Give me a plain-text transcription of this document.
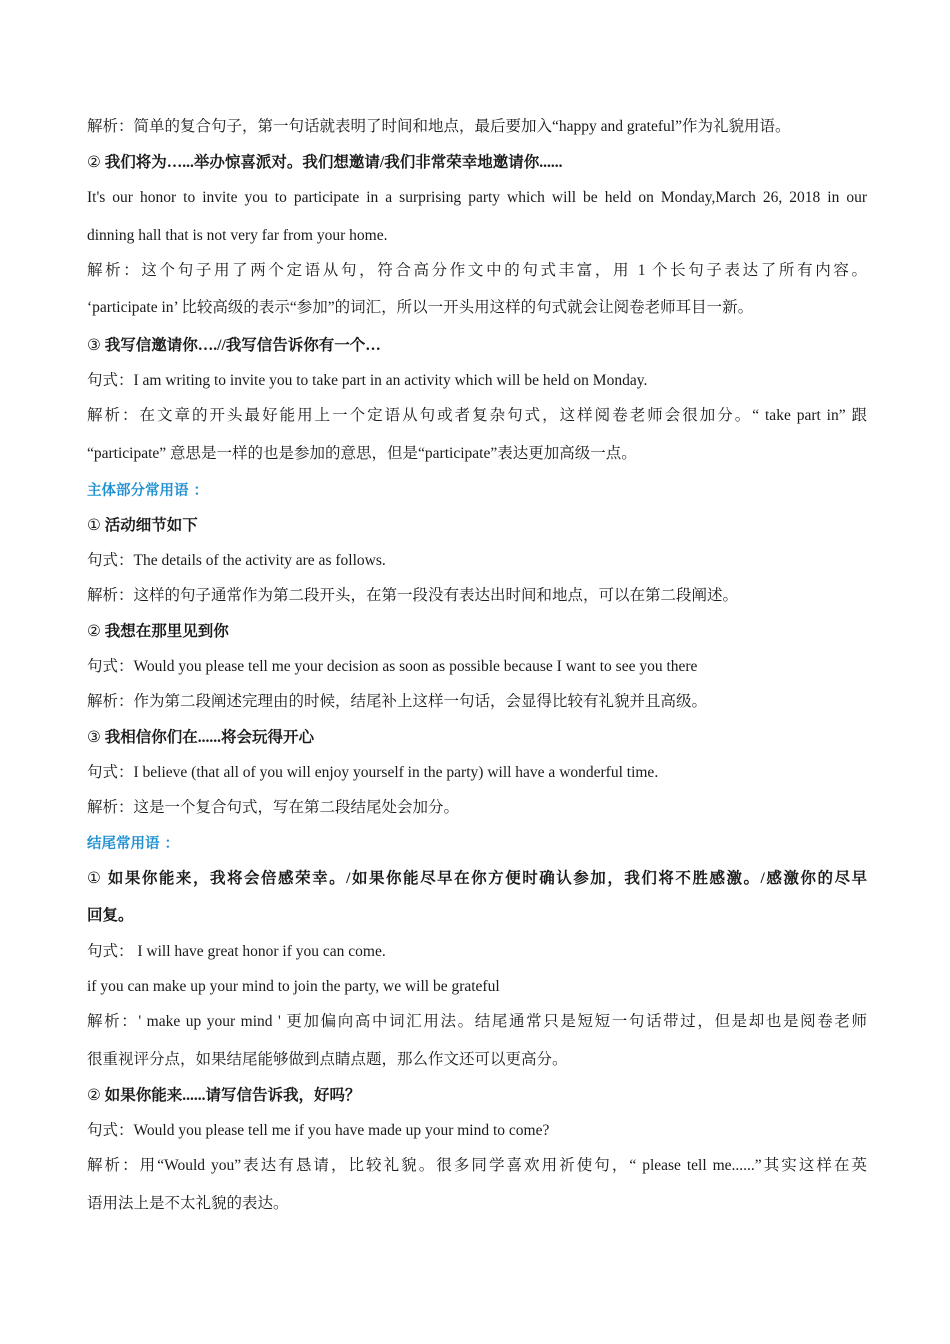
解析：简单的复合句子，第一句话就表明了时间和地点，最后要加入“happy and grateful”作为礼貌用语。
② 我们将为…...举办惊喜派对。我们想邀请/我们非常荣幸地邀请你......
It's our honor to invite you to participate in a surprising party which will be held on Monday,March 26, 2018 in our
dinning hall that is not very far from your home.
解析：这个句子用了两个定语从句，符合高分作文中的句式丰富，用 1 个长句子表达了所有内容。
‘participate in’ 比较高级的表示“参加”的词汇，所以一开头用这样的句式就会让阅卷老师耳目一新。
③ 我写信邀请你….//我写信告诉你有一个…
句式：I am writing to invite you to take part in an activity which will be held on Monday.
解析：在文章的开头最好能用上一个定语从句或者复杂句式，这样阅卷老师会很加分。“ take part in” 跟
“participate” 意思是一样的也是参加的意思，但是“participate”表达更加高级一点。
主体部分常用语 ：
① 活动细节如下
句式：The details of the activity are as follows.
解析：这样的句子通常作为第二段开头，在第一段没有表达出时间和地点，可以在第二段阐述。
② 我想在那里见到你
句式：Would you please tell me your decision as soon as possible because I want to see you there
解析：作为第二段阐述完理由的时候，结尾补上这样一句话，会显得比较有礼貌并且高级。
③ 我相信你们在......将会玩得开心
句式：I believe (that all of you will enjoy yourself in the party) will have a wonderful time.
解析：这是一个复合句式，写在第二段结尾处会加分。
结尾常用语 ：
① 如果你能来，我将会倍感荣幸。/如果你能尽早在你方便时确认参加，我们将不胜感激。/感激你的尽早
回复。
句式： I will have great honor if you can come.
if you can make up your mind to join the party, we will be grateful
解析：' make up your mind ' 更加偏向高中词汇用法。结尾通常只是短短一句话带过，但是却也是阅卷老师
很重视评分点，如果结尾能够做到点睛点题，那么作文还可以更高分。
② 如果你能来......请写信告诉我，好吗？
句式：Would you please tell me if you have made up your mind to come?
解析：用“Would you”表达有恳请，比较礼貌。很多同学喜欢用祈使句，“ please tell me......”其实这样在英
语用法上是不太礼貌的表达。
